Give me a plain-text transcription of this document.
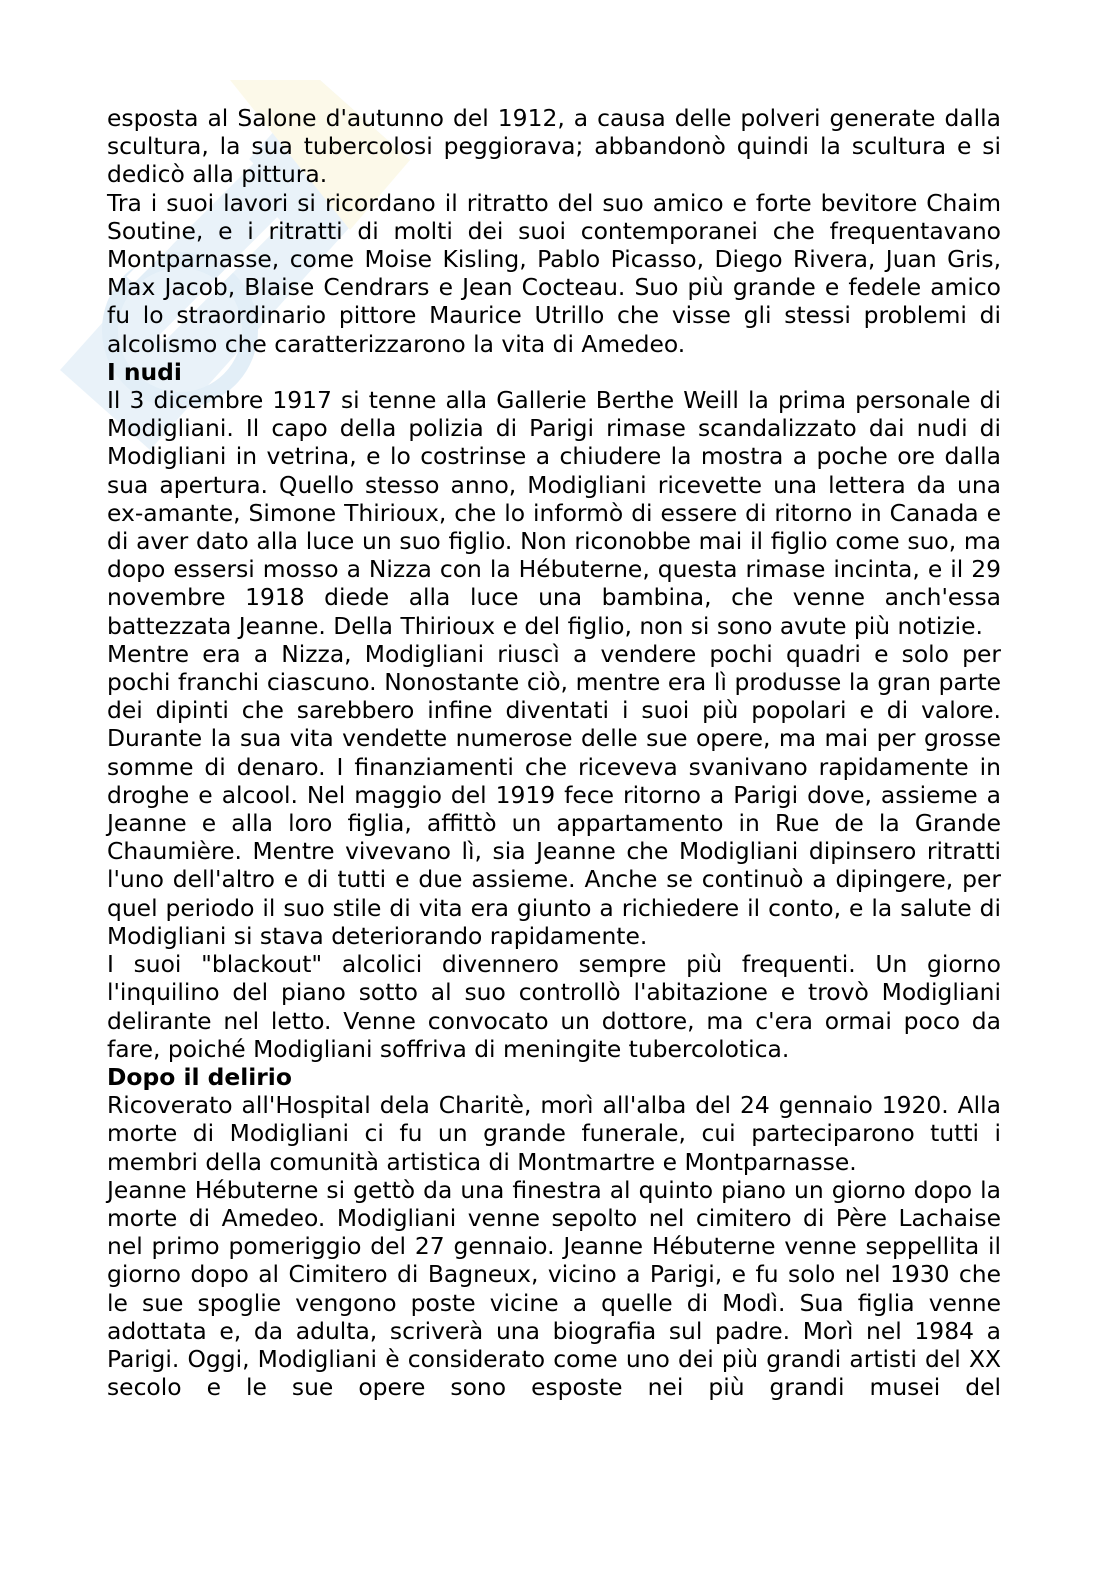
esposta al Salone d'autunno del 1912, a causa delle polveri generate dalla scultura, la sua tubercolosi peggiorava; abbandonò quindi la scultura e si dedicò alla pittura.

Tra i suoi lavori si ricordano il ritratto del suo amico e forte bevitore Chaim Soutine, e i ritratti di molti dei suoi contemporanei che frequentavano Montparnasse, come Moise Kisling, Pablo Picasso, Diego Rivera, Juan Gris, Max Jacob, Blaise Cendrars e Jean Cocteau. Suo più grande e fedele amico fu lo straordinario pittore Maurice Utrillo che visse gli stessi problemi di alcolismo che caratterizzarono la vita di Amedeo.

I nudi

Il 3 dicembre 1917 si tenne alla Gallerie Berthe Weill la prima personale di Modigliani. Il capo della polizia di Parigi rimase scandalizzato dai nudi di Modigliani in vetrina, e lo costrinse a chiudere la mostra a poche ore dalla sua apertura. Quello stesso anno, Modigliani ricevette una lettera da una ex-amante, Simone Thirioux, che lo informò di essere di ritorno in Canada e di aver dato alla luce un suo figlio. Non riconobbe mai il figlio come suo, ma dopo essersi mosso a Nizza con la Hébuterne, questa rimase incinta, e il 29 novembre 1918 diede alla luce una bambina, che venne anch'essa battezzata Jeanne. Della Thirioux e del figlio, non si sono avute più notizie.

Mentre era a Nizza, Modigliani riuscì a vendere pochi quadri e solo per pochi franchi ciascuno. Nonostante ciò, mentre era lì produsse la gran parte dei dipinti che sarebbero infine diventati i suoi più popolari e di valore. Durante la sua vita vendette numerose delle sue opere, ma mai per grosse somme di denaro. I finanziamenti che riceveva svanivano rapidamente in droghe e alcool. Nel maggio del 1919 fece ritorno a Parigi dove, assieme a Jeanne e alla loro figlia, affittò un appartamento in Rue de la Grande Chaumière. Mentre vivevano lì, sia Jeanne che Modigliani dipinsero ritratti l'uno dell'altro e di tutti e due assieme. Anche se continuò a dipingere, per quel periodo il suo stile di vita era giunto a richiedere il conto, e la salute di Modigliani si stava deteriorando rapidamente.

I suoi "blackout" alcolici divennero sempre più frequenti. Un giorno l'inquilino del piano sotto al suo controllò l'abitazione e trovò Modigliani delirante nel letto. Venne convocato un dottore, ma c'era ormai poco da fare, poiché Modigliani soffriva di meningite tubercolotica.

Dopo il delirio

Ricoverato all'Hospital dela Charitè, morì all'alba del 24 gennaio 1920. Alla morte di Modigliani ci fu un grande funerale, cui parteciparono tutti i membri della comunità artistica di Montmartre e Montparnasse.

Jeanne Hébuterne si gettò da una finestra al quinto piano un giorno dopo la morte di Amedeo. Modigliani venne sepolto nel cimitero di Père Lachaise nel primo pomeriggio del 27 gennaio. Jeanne Hébuterne venne seppellita il giorno dopo al Cimitero di Bagneux, vicino a Parigi, e fu solo nel 1930 che le sue spoglie vengono poste vicine a quelle di Modì. Sua figlia venne adottata e, da adulta, scriverà una biografia sul padre. Morì nel 1984 a Parigi. Oggi, Modigliani è considerato come uno dei più grandi artisti del XX secolo e le sue opere sono esposte nei più grandi musei del
